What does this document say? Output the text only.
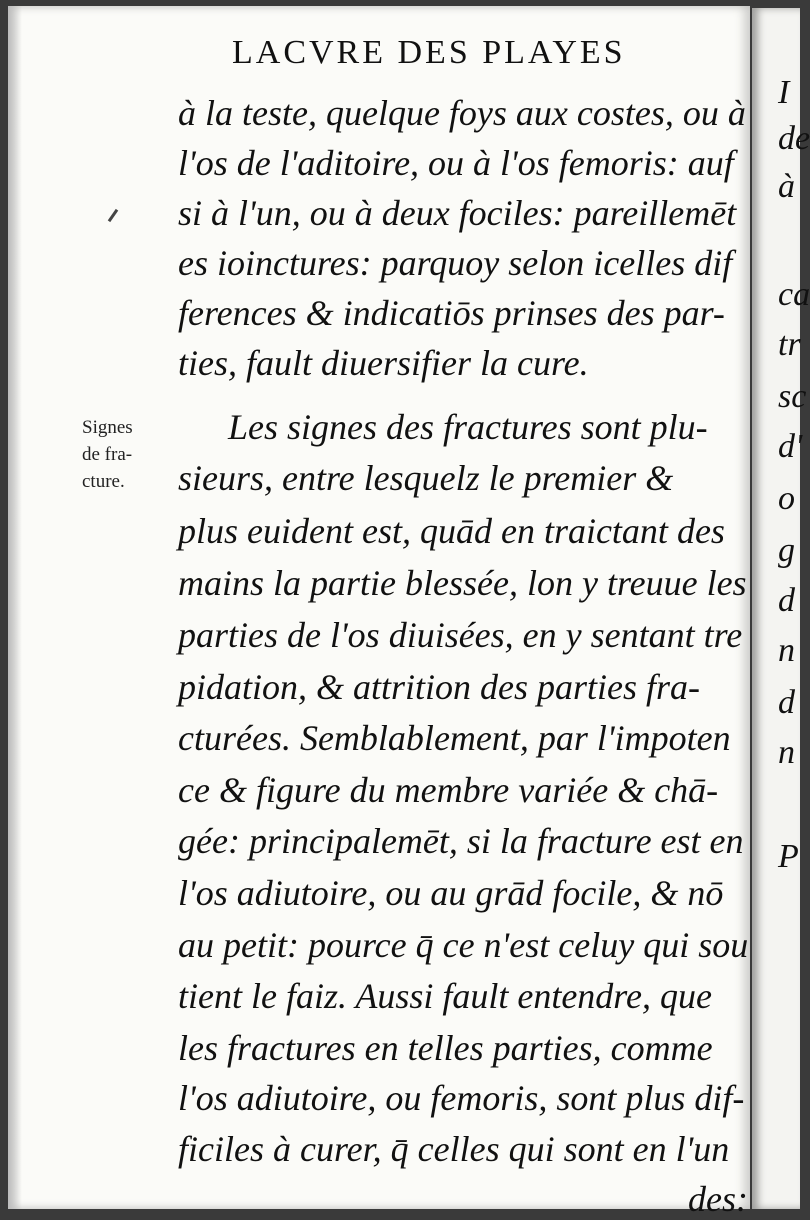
LACVRE DES PLAYES
Signes
de fra-
cture.
à la teste, quelque foys aux costes, ou à
l'os de l'aditoire, ou à l'os femoris: auf
si à l'un, ou à deux fociles: pareillemēt
es ioinctures: parquoy selon icelles dif
ferences & indicatiōs prinses des par-
ties, fault diuersifier la cure.
Les signes des fractures sont plu-
sieurs, entre lesquelz le premier &
plus euident est, quād en traictant des
mains la partie blessée, lon y treuue les
parties de l'os diuisées, en y sentant tre
pidation, & attrition des parties fra-
cturées. Semblablement, par l'impoten
ce & figure du membre variée & chā-
gée: principalemēt, si la fracture est en
l'os adiutoire, ou au grād focile, & nō
au petit: pource q̄ ce n'est celuy qui sou
tient le faiz. Aussi fault entendre, que
les fractures en telles parties, comme
l'os adiutoire, ou femoris, sont plus dif-
ficiles à curer, q̄ celles qui sont en l'un
des:
I
de
à
ca
tr
sc
d'
o
g
d
n
d
n
P
